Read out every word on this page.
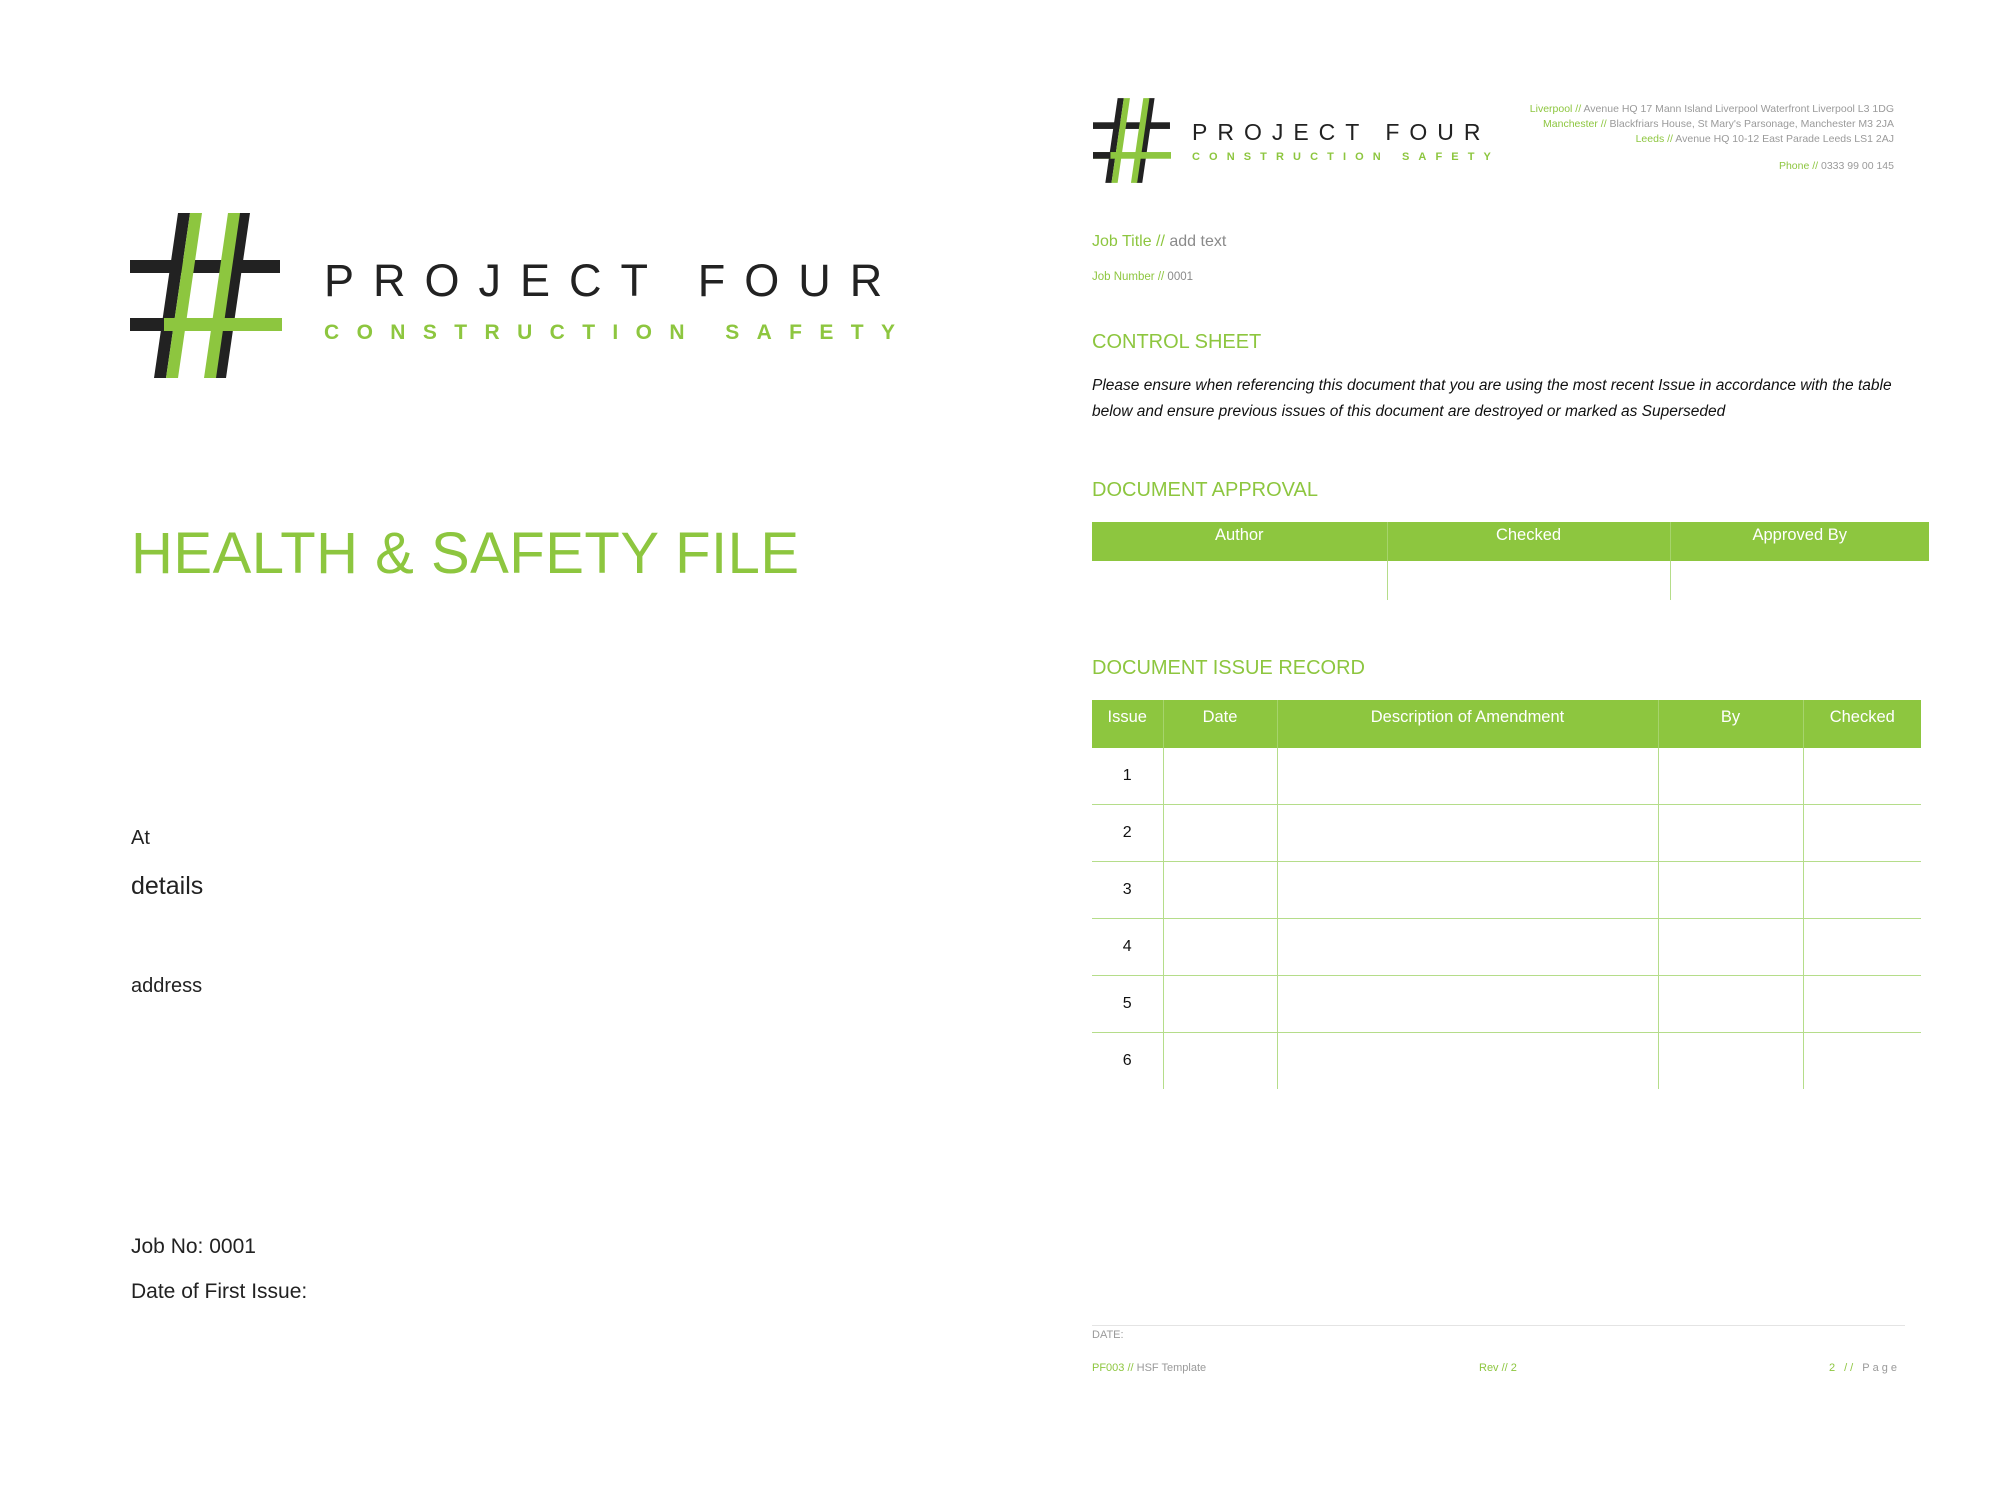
PROJECT FOUR
CONSTRUCTION SAFETY
HEALTH & SAFETY FILE
At
details
address
Job No: 0001
Date of First Issue:
PROJECT FOUR
CONSTRUCTION SAFETY
Liverpool // Avenue HQ 17 Mann Island Liverpool Waterfront Liverpool L3 1DG
Manchester // Blackfriars House, St Mary's Parsonage, Manchester M3 2JA
Leeds // Avenue HQ 10-12 East Parade Leeds LS1 2AJ
Phone // 0333 99 00 145
Job Title // add text
Job Number // 0001
CONTROL SHEET
Please ensure when referencing this document that you are using the most recent Issue in accordance with the table below and ensure previous issues of this document are destroyed or marked as Superseded
DOCUMENT APPROVAL
Author	Checked	Approved By

DOCUMENT ISSUE RECORD
Issue	Date	Description of Amendment	By	Checked
1				
2				
3				
4				
5				
6				
DATE:
PF003 // HSF Template	Rev // 2	2 // Page
